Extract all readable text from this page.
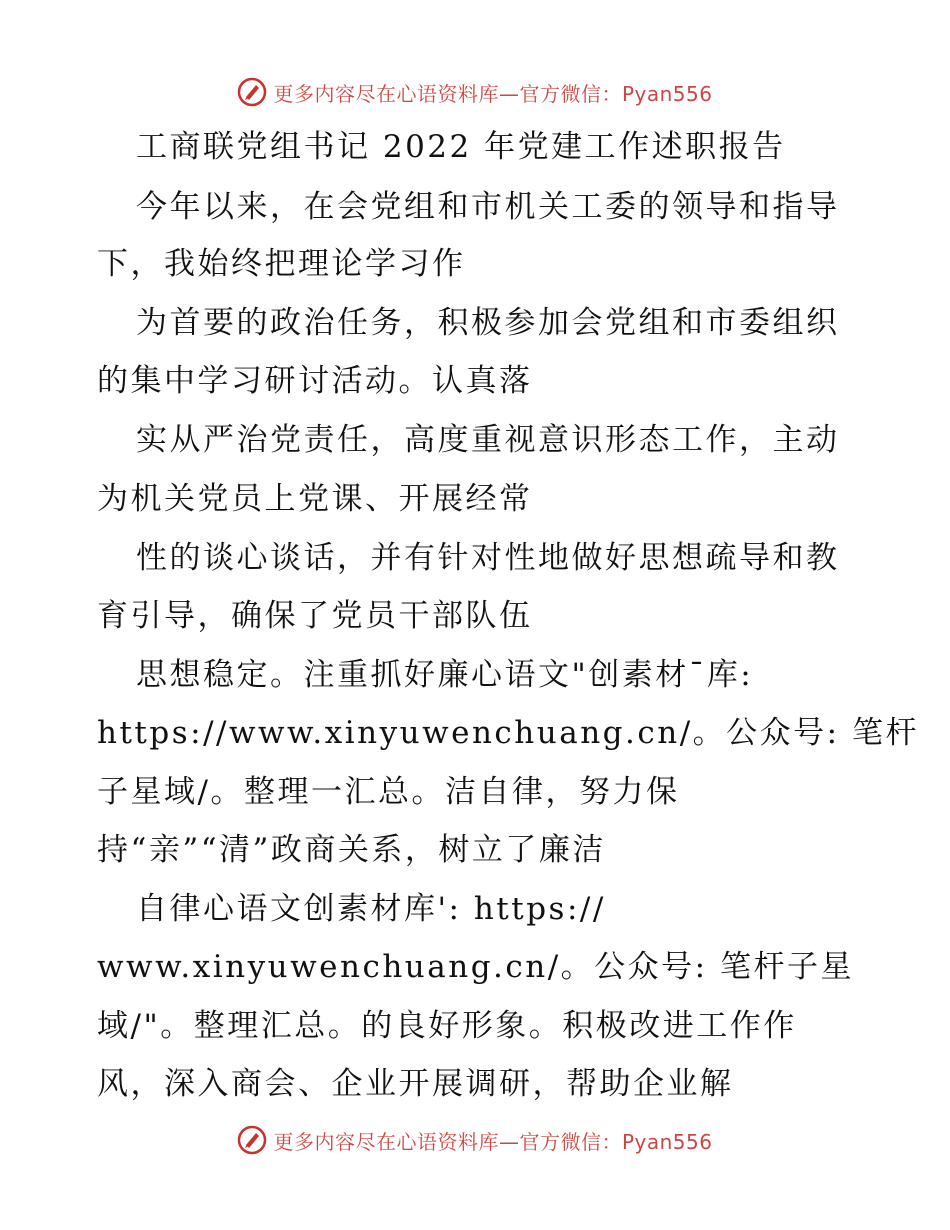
更多内容尽在心语资料库—官方微信：Pyan556
工商联党组书记 2022 年党建工作述职报告
今年以来，在会党组和市机关工委的领导和指导
下，我始终把理论学习作
为首要的政治任务，积极参加会党组和市委组织
的集中学习研讨活动。认真落
实从严治党责任，高度重视意识形态工作，主动
为机关党员上党课、开展经常
性的谈心谈话，并有针对性地做好思想疏导和教
育引导，确保了党员干部队伍
思想稳定。注重抓好廉心语文"创素材¯库:
https://www.xinyuwenchuang.cn/。公众号: 笔杆
子星域/。整理一汇总。洁自律，努力保
持“亲”“清”政商关系，树立了廉洁
自律心语文创素材库': https://
www.xinyuwenchuang.cn/。公众号: 笔杆子星
域/"。整理汇总。的良好形象。积极改进工作作
风，深入商会、企业开展调研，帮助企业解
更多内容尽在心语资料库—官方微信：Pyan556
